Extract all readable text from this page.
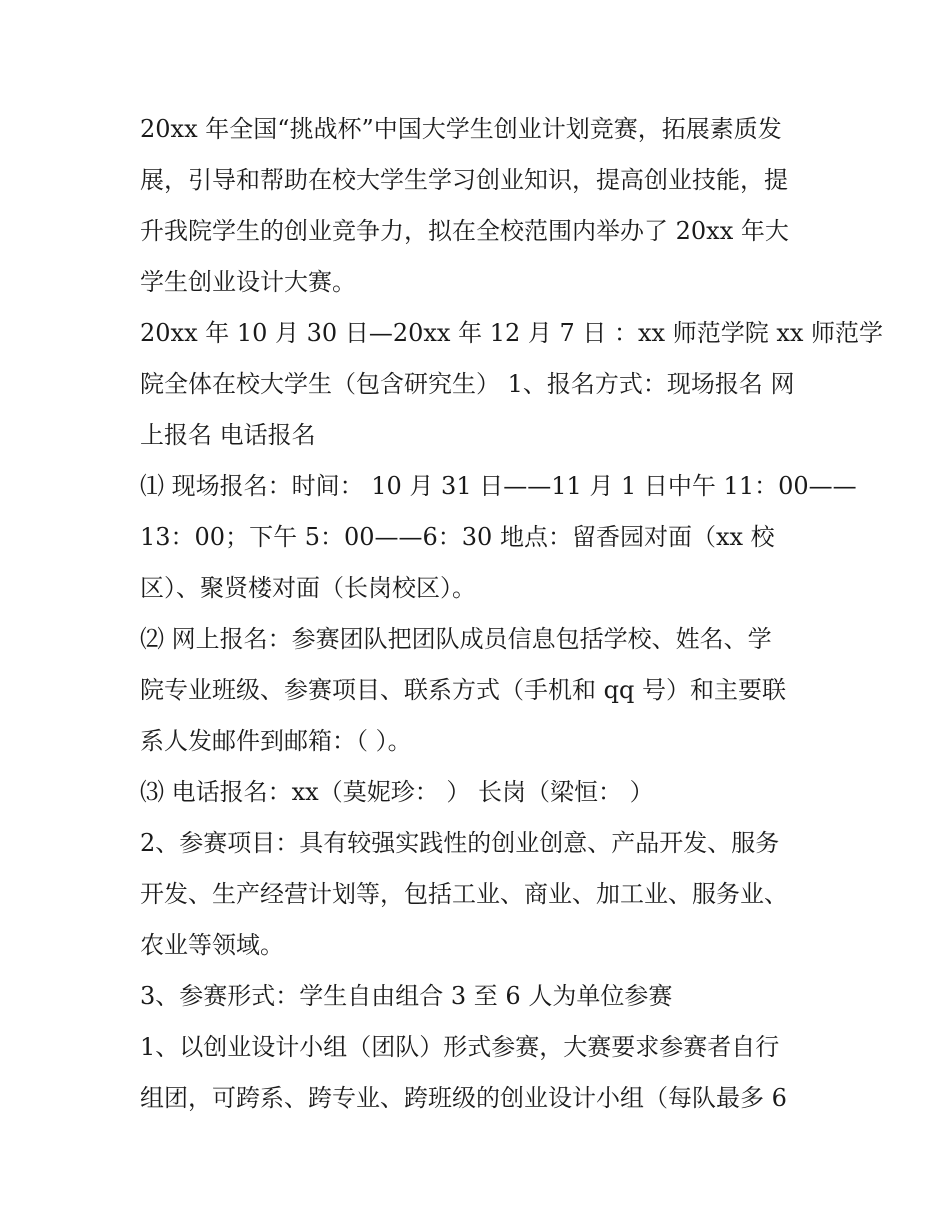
20xx 年全国“挑战杯”中国大学生创业计划竞赛，拓展素质发
展，引导和帮助在校大学生学习创业知识，提高创业技能，提
升我院学生的创业竞争力，拟在全校范围内举办了 20xx 年大
学生创业设计大赛。
20xx 年 10 月 30 日—20xx 年 12 月 7 日 ：xx 师范学院 xx 师范学
院全体在校大学生（包含研究生） 1、报名方式：现场报名 网
上报名 电话报名
⑴ 现场报名：时间： 10 月 31 日——11 月 1 日中午 11：00——
13：00；下午 5：00——6：30 地点：留香园对面（xx 校
区）、聚贤楼对面（长岗校区）。
⑵ 网上报名：参赛团队把团队成员信息包括学校、姓名、学
院专业班级、参赛项目、联系方式（手机和 qq 号）和主要联
系人发邮件到邮箱：（ ）。
⑶ 电话报名：xx（莫妮珍： ） 长岗（梁恒： ）
2、参赛项目：具有较强实践性的创业创意、产品开发、服务
开发、生产经营计划等，包括工业、商业、加工业、服务业、
农业等领域。
3、参赛形式：学生自由组合 3 至 6 人为单位参赛
1、以创业设计小组（团队）形式参赛，大赛要求参赛者自行
组团，可跨系、跨专业、跨班级的创业设计小组（每队最多 6
